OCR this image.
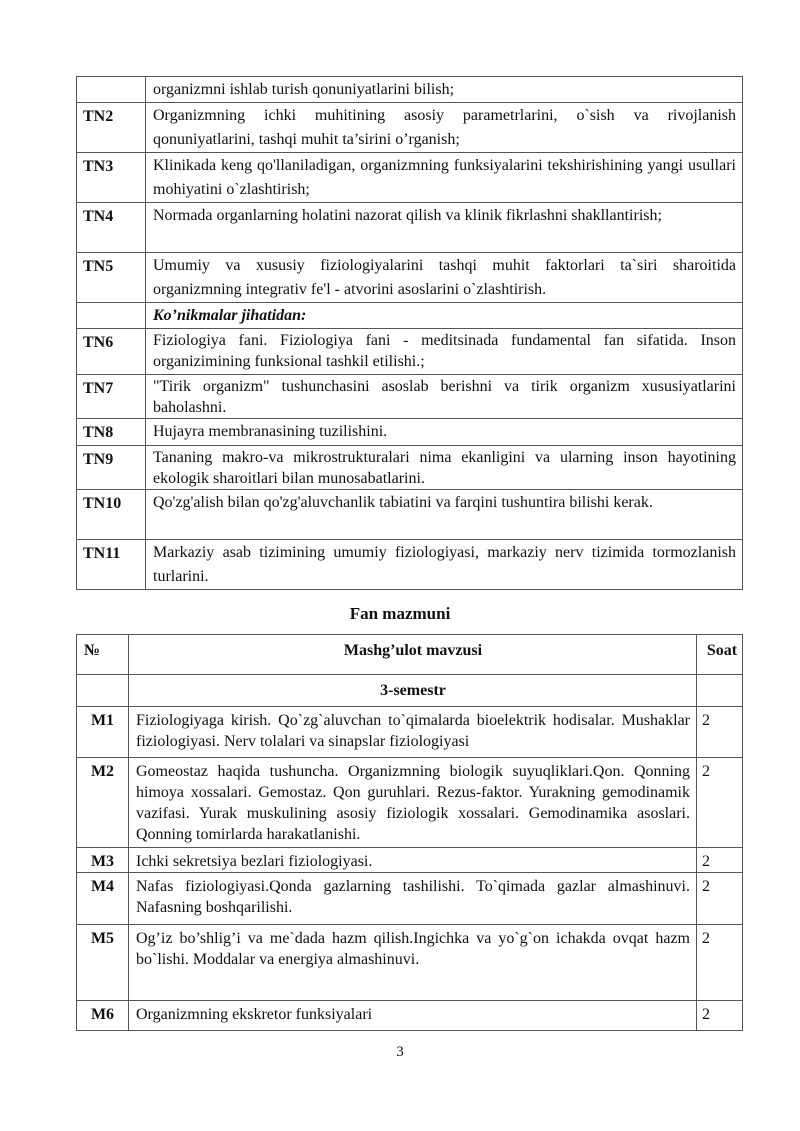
	organizmni ishlab turish qonuniyatlarini bilish;
TN2	Organizmning ichki muhitining asosiy parametrlarini, o`sish va rivojlanish qonuniyatlarini, tashqi muhit ta’sirini o’rganish;
TN3	Klinikada keng qo'llaniladigan, organizmning funksiyalarini tekshirishining yangi usullari mohiyatini o`zlashtirish;
TN4	Normada organlarning holatini nazorat qilish va klinik fikrlashni shakllantirish;
TN5	Umumiy va xususiy fiziologiyalarini tashqi muhit faktorlari ta`siri sharoitida organizmning integrativ fe'l - atvorini asoslarini o`zlashtirish.
	Ko’nikmalar jihatidan:
TN6	Fiziologiya fani. Fiziologiya fani - meditsinada fundamental fan sifatida. Inson organizimining funksional tashkil etilishi.;
TN7	"Tirik organizm" tushunchasini asoslab berishni va tirik organizm xususiyatlarini baholashni.
TN8	Hujayra membranasining tuzilishini.
TN9	Tananing makro-va mikrostrukturalari nima ekanligini va ularning inson hayotining ekologik sharoitlari bilan munosabatlarini.
TN10	Qo'zg'alish bilan qo'zg'aluvchanlik tabiatini va farqini tushuntira bilishi kerak.
TN11	Markaziy asab tizimining umumiy fiziologiyasi, markaziy nerv tizimida tormozlanish turlarini.
Fan mazmuni
№	Mashg’ulot mavzusi	Soat
	3-semestr	
M1	Fiziologiyaga kirish. Qo`zg`aluvchan to`qimalarda bioelektrik hodisalar. Mushaklar fiziologiyasi. Nerv tolalari va sinapslar fiziologiyasi	2
M2	Gomeostaz haqida tushuncha. Organizmning biologik suyuqliklari.Qon. Qonning himoya xossalari. Gemostaz. Qon guruhlari. Rezus-faktor. Yurakning gemodinamik vazifasi. Yurak muskulining asosiy fiziologik xossalari. Gemodinamika asoslari. Qonning tomirlarda harakatlanishi.	2
M3	Ichki sekretsiya bezlari fiziologiyasi.	2
M4	Nafas fiziologiyasi.Qonda gazlarning tashilishi. To`qimada gazlar almashinuvi. Nafasning boshqarilishi.	2
M5	Og’iz bo’shlig’i va me`dada hazm qilish.Ingichka va yo`g`on ichakda ovqat hazm bo`lishi. Moddalar va energiya almashinuvi.	2
M6	Organizmning ekskretor funksiyalari	2
3
